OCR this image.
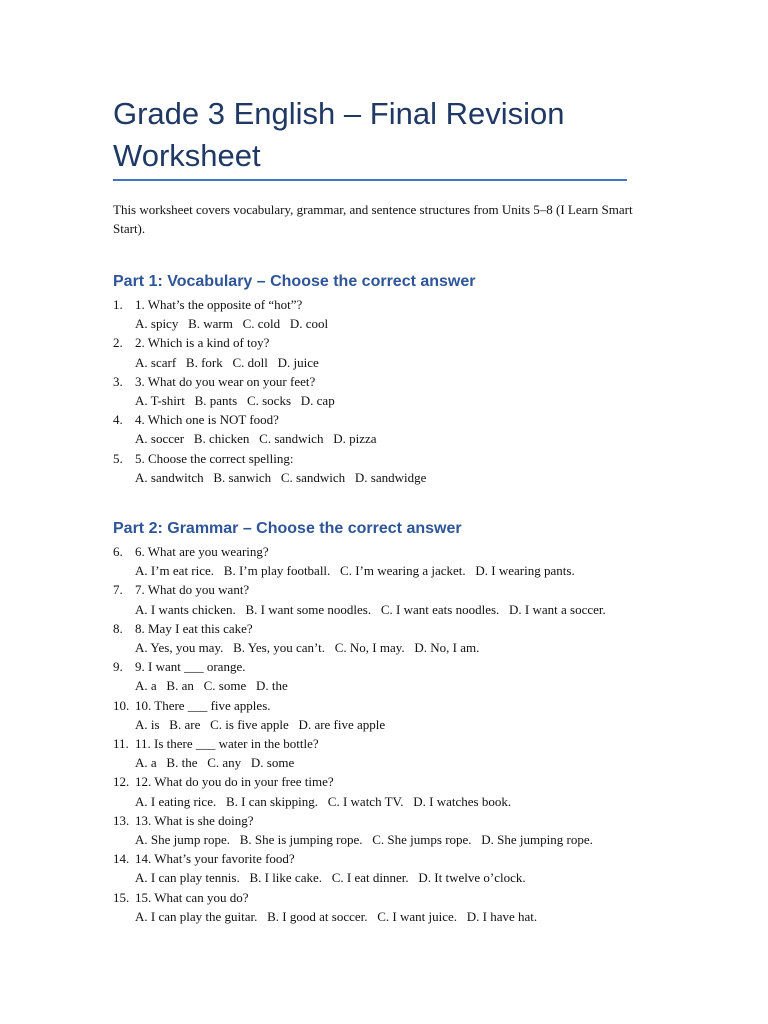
Grade 3 English – Final Revision Worksheet

This worksheet covers vocabulary, grammar, and sentence structures from Units 5–8 (I Learn Smart Start).

Part 1: Vocabulary – Choose the correct answer
1. 1. What’s the opposite of “hot”?
A. spicy   B. warm   C. cold   D. cool
2. 2. Which is a kind of toy?
A. scarf   B. fork   C. doll   D. juice
3. 3. What do you wear on your feet?
A. T-shirt   B. pants   C. socks   D. cap
4. 4. Which one is NOT food?
A. soccer   B. chicken   C. sandwich   D. pizza
5. 5. Choose the correct spelling:
A. sandwitch   B. sanwich   C. sandwich   D. sandwidge
Part 2: Grammar – Choose the correct answer
6. 6. What are you wearing?
A. I’m eat rice.   B. I’m play football.   C. I’m wearing a jacket.   D. I wearing pants.
7. 7. What do you want?
A. I wants chicken.   B. I want some noodles.   C. I want eats noodles.   D. I want a soccer.
8. 8. May I eat this cake?
A. Yes, you may.   B. Yes, you can’t.   C. No, I may.   D. No, I am.
9. 9. I want ___ orange.
A. a   B. an   C. some   D. the
10. 10. There ___ five apples.
A. is   B. are   C. is five apple   D. are five apple
11. 11. Is there ___ water in the bottle?
A. a   B. the   C. any   D. some
12. 12. What do you do in your free time?
A. I eating rice.   B. I can skipping.   C. I watch TV.   D. I watches book.
13. 13. What is she doing?
A. She jump rope.   B. She is jumping rope.   C. She jumps rope.   D. She jumping rope.
14. 14. What’s your favorite food?
A. I can play tennis.   B. I like cake.   C. I eat dinner.   D. It twelve o’clock.
15. 15. What can you do?
A. I can play the guitar.   B. I good at soccer.   C. I want juice.   D. I have hat.
